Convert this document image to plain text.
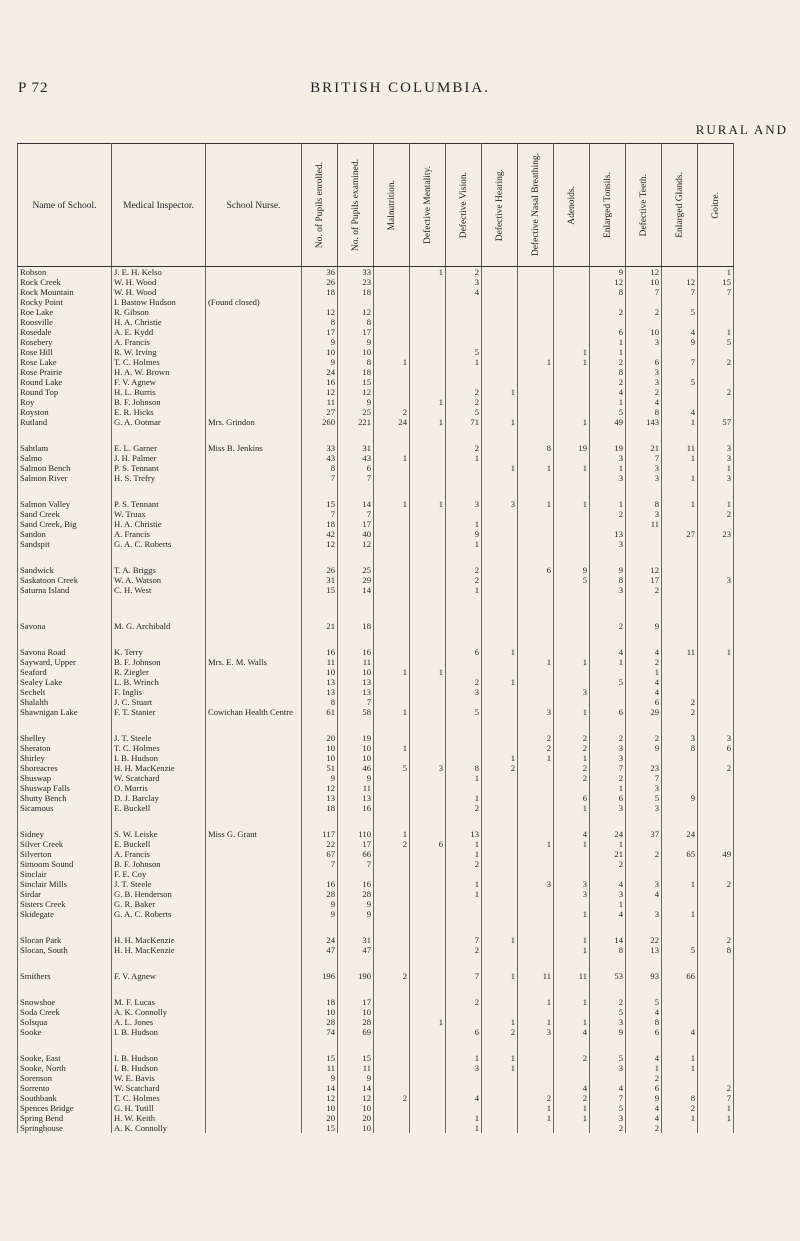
P 72	BRITISH COLUMBIA.
RURAL AND
Name of School.	Medical Inspector.	School Nurse.	No. of Pupils enrolled.	No. of Pupils examined.	Malnutrition.	Defective Mentality.	Defective Vision.	Defective Hearing.	Defective Nasal Breathing.	Adenoids.	Enlarged Tonsils.	Defective Teeth.	Enlarged Glands.	Goitre.

Robson	J. E. H. Kelso		36	33		1	2				9	12		1
Rock Creek	W. H. Wood		26	23			3				12	10	12	15
Rock Mountain	W. H. Wood		18	18			4				8	7	7	7
Rocky Point	I. Bastow Hudson	(Found closed)												
Roe Lake	R. Gibson		12	12							2	2	5	
Roosville	H. A. Christie		8	8										
Rosedale	A. E. Kydd		17	17							6	10	4	1
Rosebery	A. Francis		9	9							1	3	9	5
Rose Hill	R. W. Irving		10	10			5			1	1			
Rose Lake	T. C. Holmes		9	8	1		1		1	1	2	6	7	2
Rose Prairie	H. A. W. Brown		24	18							8	3		
Round Lake	F. V. Agnew		16	15							2	3	5	
Round Top	H. L. Burris		12	12			2	1			4	2		2
Roy	B. F. Johnson		11	9		1	2				1	4		
Royston	E. R. Hicks		27	25	2		5				5	8	4	
Rutland	G. A. Ootmar	Mrs. Grindon	260	221	24	1	71	1		1	49	143	1	57

Sahtlam	E. L. Garner	Miss B. Jenkins	33	31			2		8	19	19	21	11	3
Salmo	J. H. Palmer		43	43	1		1				3	7	1	3
Salmon Bench	P. S. Tennant		8	6				1	1	1	1	3		1
Salmon River	H. S. Trefry		7	7							3	3	1	3

Salmon Valley	P. S. Tennant		15	14	1	1	3	3	1	1	1	8	1	1
Sand Creek	W. Truax		7	7							2	3		2
Sand Creek, Big	H. A. Christie		18	17			1					11		
Sandon	A. Francis		42	40			9				13		27	23
Sandspit	G. A. C. Roberts		12	12			1				3			

Sandwick	T. A. Briggs		26	25			2		6	9	9	12		
Saskatoon Creek	W. A. Watson		31	29			2			5	8	17		3
Saturna Island	C. H. West		15	14			1				3	2		

Savona	M. G. Archibald		21	18							2	9		

Savona Road	K. Terry		16	16			6	1			4	4	11	1
Sayward, Upper	B. F. Johnson	Mrs. E. M. Walls	11	11					1	1	1	2		
Seaford	R. Ziegler		10	10	1	1						1		
Sealey Lake	L. B. Wrinch		13	13			2	1			5	4		
Sechelt	F. Inglis		13	13			3			3		4		
Shalalth	J. C. Stuart		8	7								6	2	
Shawnigan Lake	F. T. Stanier	Cowichan Health Centre	61	58	1		5		3	1	6	29	2	

Shelley	J. T. Steele		20	19					2	2	2	2	3	3
Sheraton	T. C. Holmes		10	10	1				2	2	3	9	8	6
Shirley	I. B. Hudson		10	10				1	1	1	3			
Shoreacres	H. H. MacKenzie		51	46	5	3	8	2		2	7	23		2
Shuswap	W. Scatchard		9	9			1			2	2	7		
Shuswap Falls	O. Morris		12	11							1	3		
Shutty Bench	D. J. Barclay		13	13			1			6	6	5	9	
Sicamous	E. Buckell		18	16			2			1	3	3		

Sidney	S. W. Leiske	Miss G. Grant	117	110	1		13			4	24	37	24	
Silver Creek	E. Buckell		22	17	2	6	1		1	1	1			
Silverton	A. Francis		67	66			1				21	2	65	49
Simoom Sound	B. F. Johnson		7	7			2				2			
Sinclair	F. E. Coy													
Sinclair Mills	J. T. Steele		16	16			1		3	3	4	3	1	2
Sirdar	G. B. Henderson		28	28			1			3	3	4		
Sisters Creek	G. R. Baker		9	9							1			
Skidegate	G. A. C. Roberts		9	9						1	4	3	1	

Slocan Park	H. H. MacKenzie		24	31			7	1		1	14	22		2
Slocan, South	H. H. MacKenzie		47	47			2			1	8	13	5	8

Smithers	F. V. Agnew		196	190	2		7	1	11	11	53	93	66	

Snowshoe	M. F. Lucas		18	17			2		1	1	2	5		
Soda Creek	A. K. Connolly		10	10							5	4		
Solsqua	A. L. Jones		28	28		1		1	1	1	3	8		
Sooke	I. B. Hudson		74	69			6	2	3	4	9	6	4	

Sooke, East	I. B. Hudson		15	15			1	1		2	5	4	1	
Sooke, North	I. B. Hudson		11	11			3	1			3	1	1	
Sorenson	W. E. Bavis		9	9								2		
Sorrento	W. Scatchard		14	14						4	4	6		2
Southbank	T. C. Holmes		12	12	2		4		2	2	7	9	8	7
Spences Bridge	G. H. Tutill		10	10					1	1	5	4	2	1
Spring Bend	H. W. Keith		20	20			1		1	1	3	4	1	1
Springhouse	A. K. Connolly		15	10			1				2	2		
